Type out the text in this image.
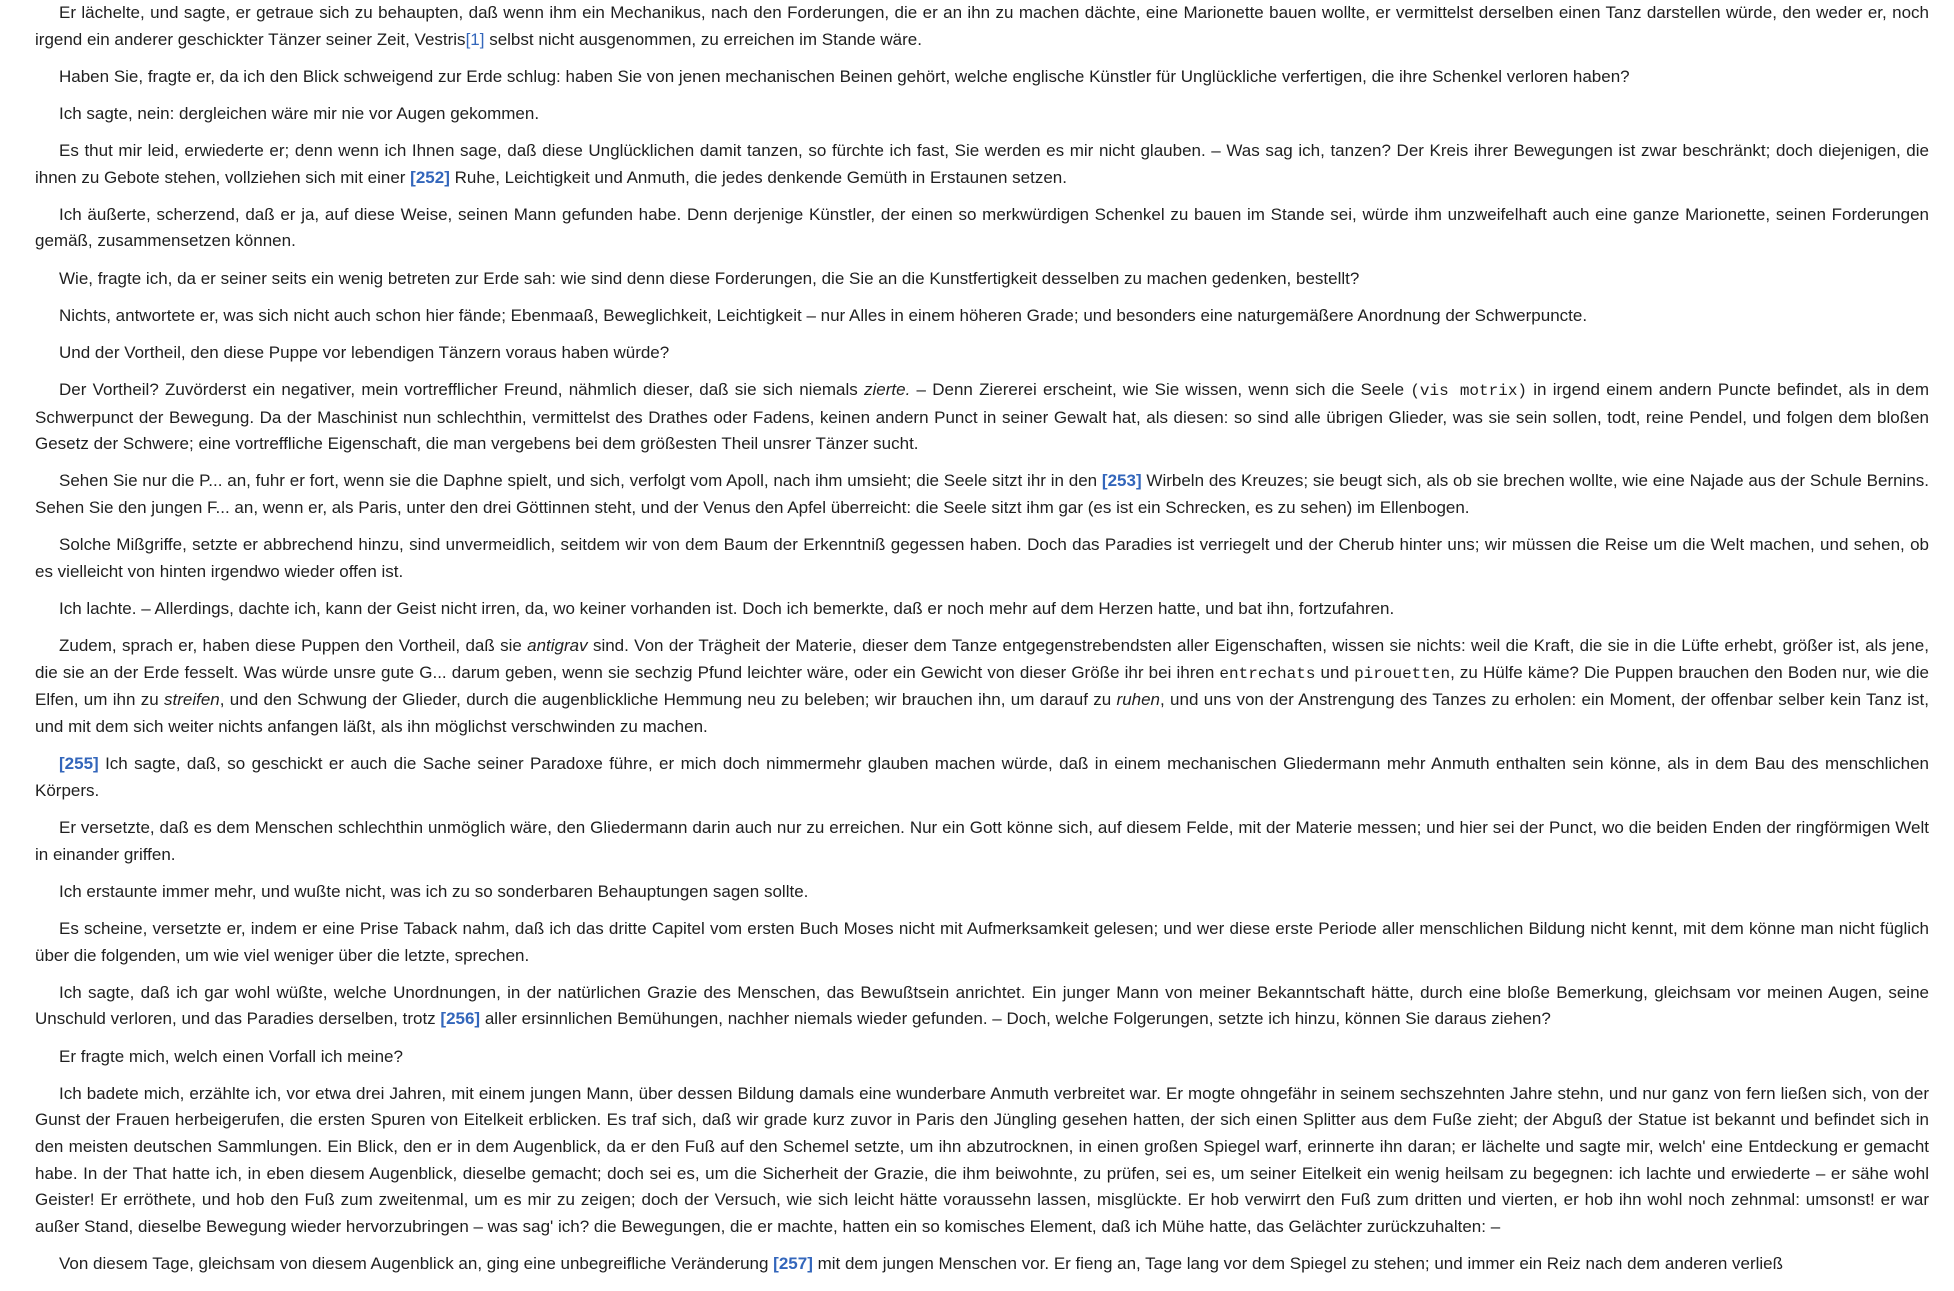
Er lächelte, und sagte, er getraue sich zu behaupten, daß wenn ihm ein Mechanikus, nach den Forderungen, die er an ihn zu machen dächte, eine Marionette bauen wollte, er vermittelst derselben einen Tanz darstellen würde, den weder er, noch irgend ein anderer geschickter Tänzer seiner Zeit, Vestris[1] selbst nicht ausgenommen, zu erreichen im Stande wäre.

Haben Sie, fragte er, da ich den Blick schweigend zur Erde schlug: haben Sie von jenen mechanischen Beinen gehört, welche englische Künstler für Unglückliche verfertigen, die ihre Schenkel verloren haben?

Ich sagte, nein: dergleichen wäre mir nie vor Augen gekommen.

Es thut mir leid, erwiederte er; denn wenn ich Ihnen sage, daß diese Unglücklichen damit tanzen, so fürchte ich fast, Sie werden es mir nicht glauben. – Was sag ich, tanzen? Der Kreis ihrer Bewegungen ist zwar beschränkt; doch diejenigen, die ihnen zu Gebote stehen, vollziehen sich mit einer [252] Ruhe, Leichtigkeit und Anmuth, die jedes denkende Gemüth in Erstaunen setzen.

Ich äußerte, scherzend, daß er ja, auf diese Weise, seinen Mann gefunden habe. Denn derjenige Künstler, der einen so merkwürdigen Schenkel zu bauen im Stande sei, würde ihm unzweifelhaft auch eine ganze Marionette, seinen Forderungen gemäß, zusammensetzen können.

Wie, fragte ich, da er seiner seits ein wenig betreten zur Erde sah: wie sind denn diese Forderungen, die Sie an die Kunstfertigkeit desselben zu machen gedenken, bestellt?

Nichts, antwortete er, was sich nicht auch schon hier fände; Ebenmaaß, Beweglichkeit, Leichtigkeit – nur Alles in einem höheren Grade; und besonders eine naturgemäßere Anordnung der Schwerpuncte.

Und der Vortheil, den diese Puppe vor lebendigen Tänzern voraus haben würde?

Der Vortheil? Zuvörderst ein negativer, mein vortrefflicher Freund, nähmlich dieser, daß sie sich niemals zierte. – Denn Ziererei erscheint, wie Sie wissen, wenn sich die Seele (vis motrix) in irgend einem andern Puncte befindet, als in dem Schwerpunct der Bewegung. Da der Maschinist nun schlechthin, vermittelst des Drathes oder Fadens, keinen andern Punct in seiner Gewalt hat, als diesen: so sind alle übrigen Glieder, was sie sein sollen, todt, reine Pendel, und folgen dem bloßen Gesetz der Schwere; eine vortreffliche Eigenschaft, die man vergebens bei dem größesten Theil unsrer Tänzer sucht.

Sehen Sie nur die P... an, fuhr er fort, wenn sie die Daphne spielt, und sich, verfolgt vom Apoll, nach ihm umsieht; die Seele sitzt ihr in den [253] Wirbeln des Kreuzes; sie beugt sich, als ob sie brechen wollte, wie eine Najade aus der Schule Bernins. Sehen Sie den jungen F... an, wenn er, als Paris, unter den drei Göttinnen steht, und der Venus den Apfel überreicht: die Seele sitzt ihm gar (es ist ein Schrecken, es zu sehen) im Ellenbogen.

Solche Mißgriffe, setzte er abbrechend hinzu, sind unvermeidlich, seitdem wir von dem Baum der Erkenntniß gegessen haben. Doch das Paradies ist verriegelt und der Cherub hinter uns; wir müssen die Reise um die Welt machen, und sehen, ob es vielleicht von hinten irgendwo wieder offen ist.

Ich lachte. – Allerdings, dachte ich, kann der Geist nicht irren, da, wo keiner vorhanden ist. Doch ich bemerkte, daß er noch mehr auf dem Herzen hatte, und bat ihn, fortzufahren.

Zudem, sprach er, haben diese Puppen den Vortheil, daß sie antigrav sind. Von der Trägheit der Materie, dieser dem Tanze entgegenstrebendsten aller Eigenschaften, wissen sie nichts: weil die Kraft, die sie in die Lüfte erhebt, größer ist, als jene, die sie an der Erde fesselt. Was würde unsre gute G... darum geben, wenn sie sechzig Pfund leichter wäre, oder ein Gewicht von dieser Größe ihr bei ihren entrechats und pirouetten, zu Hülfe käme? Die Puppen brauchen den Boden nur, wie die Elfen, um ihn zu streifen, und den Schwung der Glieder, durch die augenblickliche Hemmung neu zu beleben; wir brauchen ihn, um darauf zu ruhen, und uns von der Anstrengung des Tanzes zu erholen: ein Moment, der offenbar selber kein Tanz ist, und mit dem sich weiter nichts anfangen läßt, als ihn möglichst verschwinden zu machen.

[255] Ich sagte, daß, so geschickt er auch die Sache seiner Paradoxe führe, er mich doch nimmermehr glauben machen würde, daß in einem mechanischen Gliedermann mehr Anmuth enthalten sein könne, als in dem Bau des menschlichen Körpers.

Er versetzte, daß es dem Menschen schlechthin unmöglich wäre, den Gliedermann darin auch nur zu erreichen. Nur ein Gott könne sich, auf diesem Felde, mit der Materie messen; und hier sei der Punct, wo die beiden Enden der ringförmigen Welt in einander griffen.

Ich erstaunte immer mehr, und wußte nicht, was ich zu so sonderbaren Behauptungen sagen sollte.

Es scheine, versetzte er, indem er eine Prise Taback nahm, daß ich das dritte Capitel vom ersten Buch Moses nicht mit Aufmerksamkeit gelesen; und wer diese erste Periode aller menschlichen Bildung nicht kennt, mit dem könne man nicht füglich über die folgenden, um wie viel weniger über die letzte, sprechen.

Ich sagte, daß ich gar wohl wüßte, welche Unordnungen, in der natürlichen Grazie des Menschen, das Bewußtsein anrichtet. Ein junger Mann von meiner Bekanntschaft hätte, durch eine bloße Bemerkung, gleichsam vor meinen Augen, seine Unschuld verloren, und das Paradies derselben, trotz [256] aller ersinnlichen Bemühungen, nachher niemals wieder gefunden. – Doch, welche Folgerungen, setzte ich hinzu, können Sie daraus ziehen?

Er fragte mich, welch einen Vorfall ich meine?

Ich badete mich, erzählte ich, vor etwa drei Jahren, mit einem jungen Mann, über dessen Bildung damals eine wunderbare Anmuth verbreitet war. Er mogte ohngefähr in seinem sechszehnten Jahre stehn, und nur ganz von fern ließen sich, von der Gunst der Frauen herbeigerufen, die ersten Spuren von Eitelkeit erblicken. Es traf sich, daß wir grade kurz zuvor in Paris den Jüngling gesehen hatten, der sich einen Splitter aus dem Fuße zieht; der Abguß der Statue ist bekannt und befindet sich in den meisten deutschen Sammlungen. Ein Blick, den er in dem Augenblick, da er den Fuß auf den Schemel setzte, um ihn abzutrocknen, in einen großen Spiegel warf, erinnerte ihn daran; er lächelte und sagte mir, welch' eine Entdeckung er gemacht habe. In der That hatte ich, in eben diesem Augenblick, dieselbe gemacht; doch sei es, um die Sicherheit der Grazie, die ihm beiwohnte, zu prüfen, sei es, um seiner Eitelkeit ein wenig heilsam zu begegnen: ich lachte und erwiederte – er sähe wohl Geister! Er erröthete, und hob den Fuß zum zweitenmal, um es mir zu zeigen; doch der Versuch, wie sich leicht hätte voraussehn lassen, misglückte. Er hob verwirrt den Fuß zum dritten und vierten, er hob ihn wohl noch zehnmal: umsonst! er war außer Stand, dieselbe Bewegung wieder hervorzubringen – was sag' ich? die Bewegungen, die er machte, hatten ein so komisches Element, daß ich Mühe hatte, das Gelächter zurückzuhalten: –

Von diesem Tage, gleichsam von diesem Augenblick an, ging eine unbegreifliche Veränderung [257] mit dem jungen Menschen vor. Er fieng an, Tage lang vor dem Spiegel zu stehen; und immer ein Reiz nach dem anderen verließ
